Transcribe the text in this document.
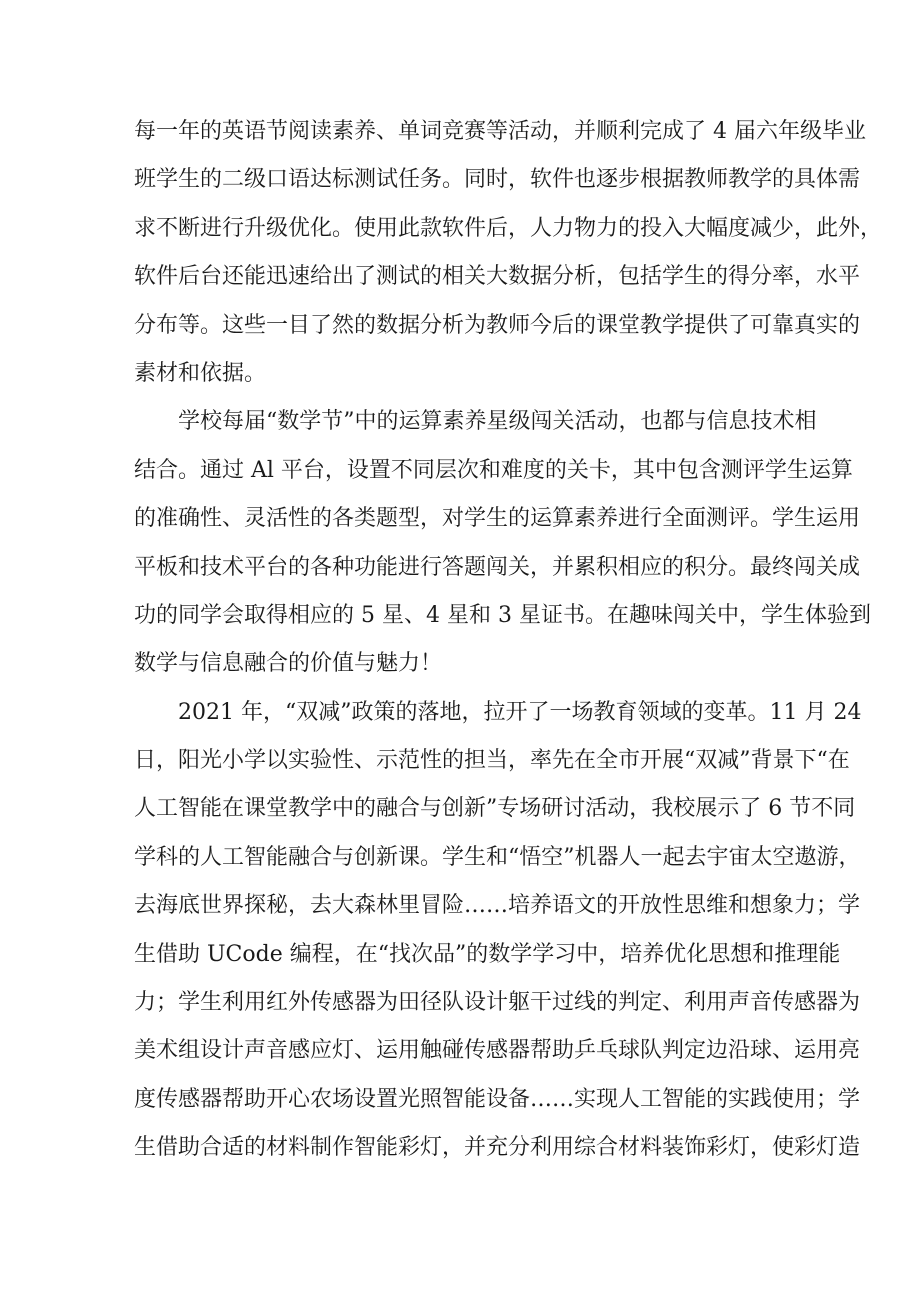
每一年的英语节阅读素养、单词竞赛等活动，并顺利完成了 4 届六年级毕业
班学生的二级口语达标测试任务。同时，软件也逐步根据教师教学的具体需
求不断进行升级优化。使用此款软件后，人力物力的投入大幅度减少，此外，
软件后台还能迅速给出了测试的相关大数据分析，包括学生的得分率，水平
分布等。这些一目了然的数据分析为教师今后的课堂教学提供了可靠真实的
素材和依据。
学校每届“数学节”中的运算素养星级闯关活动，也都与信息技术相
结合。通过 Al 平台，设置不同层次和难度的关卡，其中包含测评学生运算
的准确性、灵活性的各类题型，对学生的运算素养进行全面测评。学生运用
平板和技术平台的各种功能进行答题闯关，并累积相应的积分。最终闯关成
功的同学会取得相应的 5 星、4 星和 3 星证书。在趣味闯关中，学生体验到
数学与信息融合的价值与魅力！
2021 年，“双减”政策的落地，拉开了一场教育领域的变革。11 月 24
日，阳光小学以实验性、示范性的担当，率先在全市开展“双减”背景下“在
人工智能在课堂教学中的融合与创新”专场研讨活动，我校展示了 6 节不同
学科的人工智能融合与创新课。学生和“悟空”机器人一起去宇宙太空遨游，
去海底世界探秘，去大森林里冒险……培养语文的开放性思维和想象力；学
生借助 UCode 编程，在“找次品”的数学学习中，培养优化思想和推理能
力；学生利用红外传感器为田径队设计躯干过线的判定、利用声音传感器为
美术组设计声音感应灯、运用触碰传感器帮助乒乓球队判定边沿球、运用亮
度传感器帮助开心农场设置光照智能设备……实现人工智能的实践使用；学
生借助合适的材料制作智能彩灯，并充分利用综合材料装饰彩灯，使彩灯造
